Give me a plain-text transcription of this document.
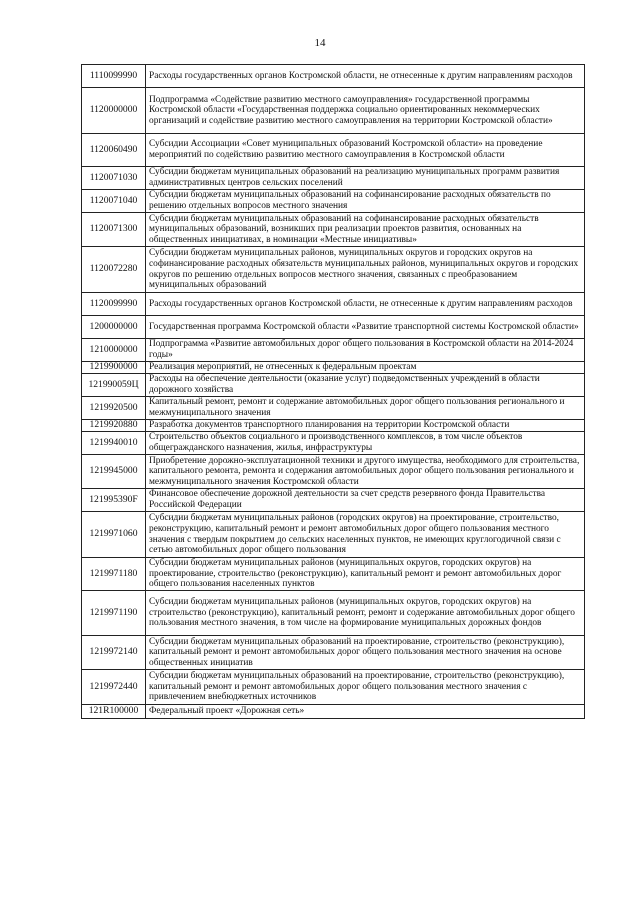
14
1110099990	Расходы государственных органов Костромской области, не отнесенные к другим направлениям расходов
1120000000	Подпрограмма «Содействие развитию местного самоуправления» государственной программы Костромской области «Государственная поддержка социально ориентированных некоммерческих организаций и содействие развитию местного самоуправления на территории Костромской области»
1120060490	Субсидии Ассоциации «Совет муниципальных образований Костромской области» на проведение мероприятий по содействию развитию местного самоуправления в Костромской области
1120071030	Субсидии бюджетам муниципальных образований на реализацию муниципальных программ развития административных центров сельских поселений
1120071040	Субсидии бюджетам муниципальных образований на софинансирование расходных обязательств по решению отдельных вопросов местного значения
1120071300	Субсидии бюджетам муниципальных образований на софинансирование расходных обязательств муниципальных образований, возникших при реализации проектов развития, основанных на общественных инициативах, в номинации «Местные инициативы»
1120072280	Субсидии бюджетам муниципальных районов, муниципальных округов и городских округов на софинансирование расходных обязательств муниципальных районов, муниципальных округов и городских округов по решению отдельных вопросов местного значения, связанных с преобразованием муниципальных образований
1120099990	Расходы государственных органов Костромской области, не отнесенные к другим направлениям расходов
1200000000	Государственная программа Костромской области «Развитие транспортной системы Костромской области»
1210000000	Подпрограмма «Развитие автомобильных дорог общего пользования в Костромской области на 2014-2024 годы»
1219900000	Реализация мероприятий, не отнесенных к федеральным проектам
121990059Ц	Расходы на обеспечение деятельности (оказание услуг) подведомственных учреждений в области дорожного хозяйства
1219920500	Капитальный ремонт, ремонт и содержание автомобильных дорог общего пользования регионального и межмуниципального значения
1219920880	Разработка документов транспортного планирования на территории Костромской области
1219940010	Строительство объектов социального и производственного комплексов, в том числе объектов общегражданского назначения, жилья, инфраструктуры
1219945000	Приобретение дорожно-эксплуатационной техники и другого имущества, необходимого для строительства, капитального ремонта, ремонта и содержания автомобильных дорог общего пользования регионального и межмуниципального значения Костромской области
121995390F	Финансовое обеспечение дорожной деятельности за счет средств резервного фонда Правительства Российской Федерации
1219971060	Субсидии бюджетам муниципальных районов (городских округов) на проектирование, строительство, реконструкцию, капитальный ремонт и ремонт автомобильных дорог общего пользования местного значения с твердым покрытием до сельских населенных пунктов, не имеющих круглогодичной связи с сетью автомобильных дорог общего пользования
1219971180	Субсидии бюджетам муниципальных районов (муниципальных округов, городских округов) на проектирование, строительство (реконструкцию), капитальный ремонт и ремонт автомобильных дорог общего пользования населенных пунктов
1219971190	Субсидии бюджетам муниципальных районов (муниципальных округов, городских округов) на строительство (реконструкцию), капитальный ремонт, ремонт и содержание автомобильных дорог общего пользования местного значения, в том числе на формирование муниципальных дорожных фондов
1219972140	Субсидии бюджетам муниципальных образований на проектирование, строительство (реконструкцию), капитальный ремонт и ремонт автомобильных дорог общего пользования местного значения на основе общественных инициатив
1219972440	Субсидии бюджетам муниципальных образований на проектирование, строительство (реконструкцию), капитальный ремонт и ремонт автомобильных дорог общего пользования местного значения с привлечением внебюджетных источников
121R100000	Федеральный проект «Дорожная сеть»
